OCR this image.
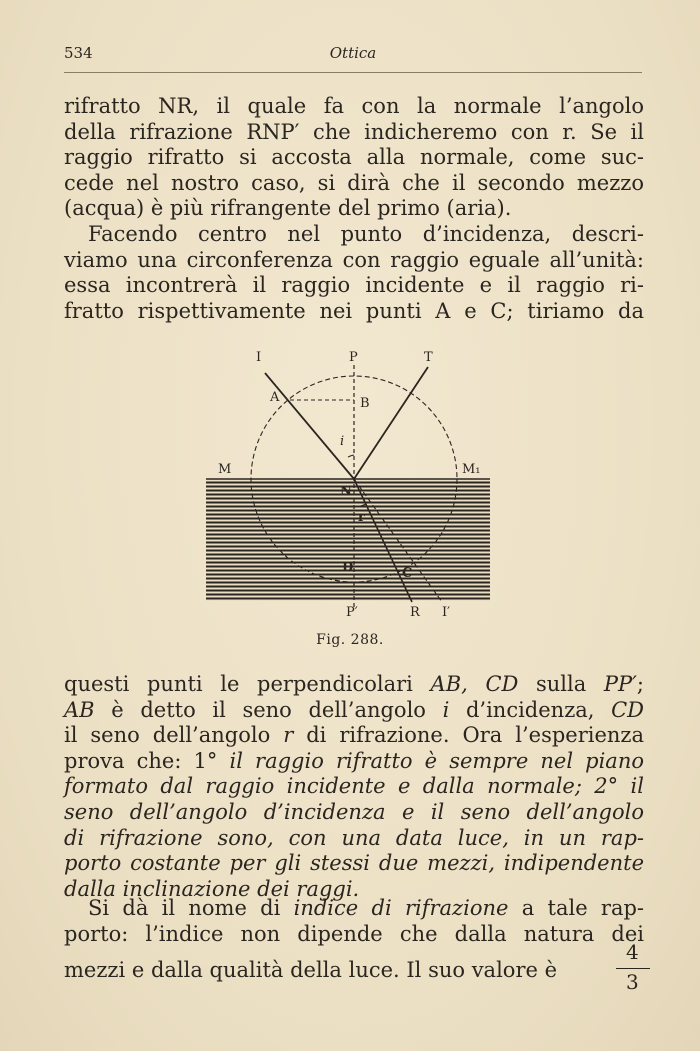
534	Ottica
rifratto NR, il quale fa con la normale l’angolo
della rifrazione RNP′ che indicheremo con r. Se il
raggio rifratto si accosta alla normale, come suc-
cede nel nostro caso, si dirà che il secondo mezzo
(acqua) è più rifrangente del primo (aria).
Facendo centro nel punto d’incidenza, descri-
viamo una circonferenza con raggio eguale all’unità:
essa incontrerà il raggio incidente e il raggio ri-
fratto rispettivamente nei punti A e C; tiriamo da
I	P	T
A	B
i
M	M₁
N
r
D	C
P′	R I′
Fig. 288.
questi punti le perpendicolari AB, CD sulla PP′;
AB è detto il seno dell’angolo i d’incidenza, CD
il seno dell’angolo r di rifrazione. Ora l’esperienza
prova che: 1° il raggio rifratto è sempre nel piano
formato dal raggio incidente e dalla normale; 2° il
seno dell’angolo d’incidenza e il seno dell’angolo
di rifrazione sono, con una data luce, in un rap-
porto costante per gli stessi due mezzi, indipendente
dalla inclinazione dei raggi.
Si dà il nome di indice di rifrazione a tale rap-
porto: l’indice non dipende che dalla natura dei
mezzi e dalla qualità della luce. Il suo valore è
4
3
